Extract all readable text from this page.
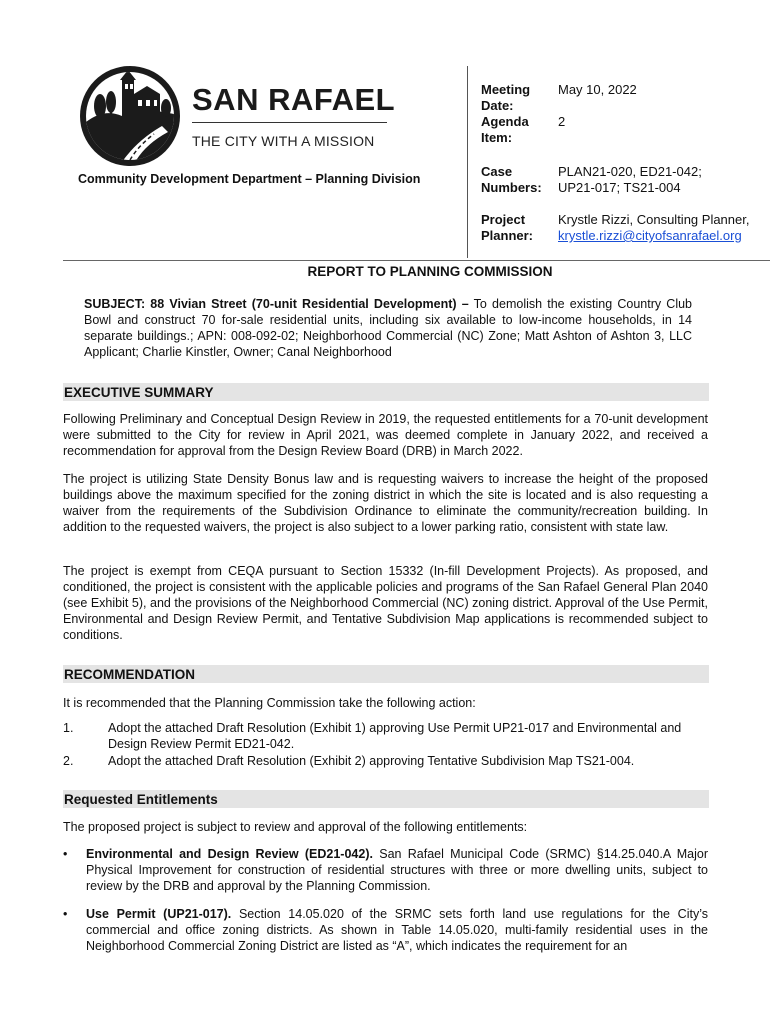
SAN RAFAEL
THE CITY WITH A MISSION
Community Development Department – Planning Division
Meeting Date:
May 10, 2022
Agenda Item:
2
Case Numbers:
PLAN21-020, ED21-042;
UP21-017; TS21-004
Project Planner:
Krystle Rizzi, Consulting Planner,
krystle.rizzi@cityofsanrafael.org
REPORT TO PLANNING COMMISSION
SUBJECT: 88 Vivian Street (70-unit Residential Development) – To demolish the existing Country Club Bowl and construct 70 for-sale residential units, including six available to low-income households, in 14 separate buildings.; APN: 008-092-02; Neighborhood Commercial (NC) Zone; Matt Ashton of Ashton 3, LLC Applicant; Charlie Kinstler, Owner; Canal Neighborhood
EXECUTIVE SUMMARY
Following Preliminary and Conceptual Design Review in 2019, the requested entitlements for a 70-unit development were submitted to the City for review in April 2021, was deemed complete in January 2022, and received a recommendation for approval from the Design Review Board (DRB) in March 2022.
The project is utilizing State Density Bonus law and is requesting waivers to increase the height of the proposed buildings above the maximum specified for the zoning district in which the site is located and is also requesting a waiver from the requirements of the Subdivision Ordinance to eliminate the community/recreation building. In addition to the requested waivers, the project is also subject to a lower parking ratio, consistent with state law.
The project is exempt from CEQA pursuant to Section 15332 (In-fill Development Projects). As proposed, and conditioned, the project is consistent with the applicable policies and programs of the San Rafael General Plan 2040 (see Exhibit 5), and the provisions of the Neighborhood Commercial (NC) zoning district. Approval of the Use Permit, Environmental and Design Review Permit, and Tentative Subdivision Map applications is recommended subject to conditions.
RECOMMENDATION
It is recommended that the Planning Commission take the following action:
1.	Adopt the attached Draft Resolution (Exhibit 1) approving Use Permit UP21-017 and Environmental and Design Review Permit ED21-042.
2.	Adopt the attached Draft Resolution (Exhibit 2) approving Tentative Subdivision Map TS21-004.
Requested Entitlements
The proposed project is subject to review and approval of the following entitlements:
• Environmental and Design Review (ED21-042). San Rafael Municipal Code (SRMC) §14.25.040.A Major Physical Improvement for construction of residential structures with three or more dwelling units, subject to review by the DRB and approval by the Planning Commission.
• Use Permit (UP21-017). Section 14.05.020 of the SRMC sets forth land use regulations for the City’s commercial and office zoning districts. As shown in Table 14.05.020, multi-family residential uses in the Neighborhood Commercial Zoning District are listed as “A”, which indicates the requirement for an
